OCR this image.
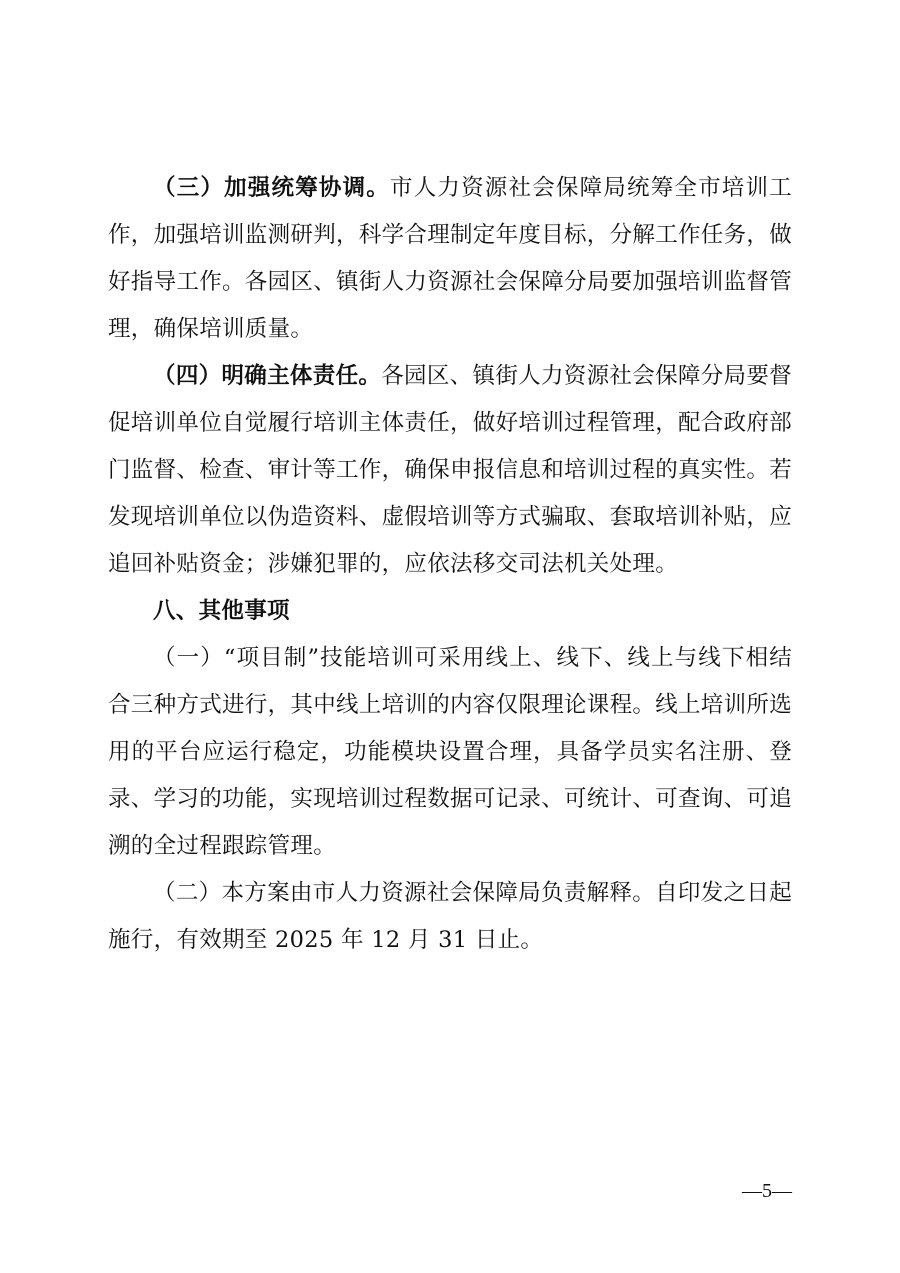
（三）加强统筹协调。市人力资源社会保障局统筹全市培训工作，加强培训监测研判，科学合理制定年度目标，分解工作任务，做好指导工作。各园区、镇街人力资源社会保障分局要加强培训监督管理，确保培训质量。

（四）明确主体责任。各园区、镇街人力资源社会保障分局要督促培训单位自觉履行培训主体责任，做好培训过程管理，配合政府部门监督、检查、审计等工作，确保申报信息和培训过程的真实性。若发现培训单位以伪造资料、虚假培训等方式骗取、套取培训补贴，应追回补贴资金；涉嫌犯罪的，应依法移交司法机关处理。

八、其他事项

（一）“项目制”技能培训可采用线上、线下、线上与线下相结合三种方式进行，其中线上培训的内容仅限理论课程。线上培训所选用的平台应运行稳定，功能模块设置合理，具备学员实名注册、登录、学习的功能，实现培训过程数据可记录、可统计、可查询、可追溯的全过程跟踪管理。

（二）本方案由市人力资源社会保障局负责解释。自印发之日起施行，有效期至 2025 年 12 月 31 日止。

—5—
